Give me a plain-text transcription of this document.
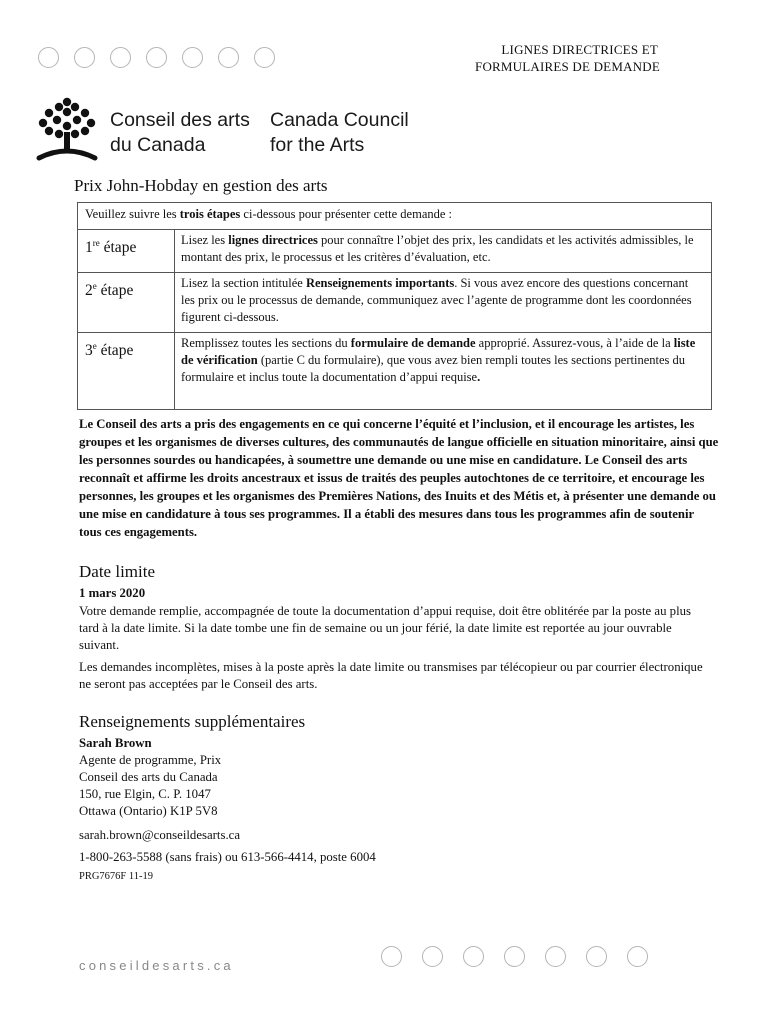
LIGNES DIRECTRICES ET
FORMULAIRES DE DEMANDE
Conseil des arts
du Canada
Canada Council
for the Arts
Prix John-Hobday en gestion des arts
Veuillez suivre les trois étapes ci-dessous pour présenter cette demande :	
1re étape	Lisez les lignes directrices pour connaître l’objet des prix, les candidats et les activités admissibles, le montant des prix, le processus et les critères d’évaluation, etc.
2e étape	Lisez la section intitulée Renseignements importants. Si vous avez encore des questions concernant les prix ou le processus de demande, communiquez avec l’agente de programme dont les coordonnées figurent ci-dessous.
3e étape	Remplissez toutes les sections du formulaire de demande approprié. Assurez-vous, à l’aide de la liste de vérification (partie C du formulaire), que vous avez bien rempli toutes les sections pertinentes du formulaire et inclus toute la documentation d’appui requise.

Le Conseil des arts a pris des engagements en ce qui concerne l’équité et l’inclusion, et il encourage les artistes, les groupes et les organismes de diverses cultures, des communautés de langue officielle en situation minoritaire, ainsi que les personnes sourdes ou handicapées, à soumettre une demande ou une mise en candidature. Le Conseil des arts reconnaît et affirme les droits ancestraux et issus de traités des peuples autochtones de ce territoire, et encourage les personnes, les groupes et les organismes des Premières Nations, des Inuits et des Métis et, à présenter une demande ou une mise en candidature à tous ses programmes. Il a établi des mesures dans tous les programmes afin de soutenir tous ces engagements.

Date limite
1 mars 2020

Votre demande remplie, accompagnée de toute la documentation d’appui requise, doit être oblitérée par la poste au plus tard à la date limite. Si la date tombe une fin de semaine ou un jour férié, la date limite est reportée au jour ouvrable suivant.

Les demandes incomplètes, mises à la poste après la date limite ou transmises par télécopieur ou par courrier électronique ne seront pas acceptées par le Conseil des arts.

Renseignements supplémentaires
Sarah Brown
Agente de programme, Prix
Conseil des arts du Canada
150, rue Elgin, C. P. 1047
Ottawa (Ontario) K1P 5V8
sarah.brown@conseildesarts.ca
1-800-263-5588 (sans frais) ou 613-566-4414, poste 6004
PRG7676F 11-19
conseildesarts.ca
